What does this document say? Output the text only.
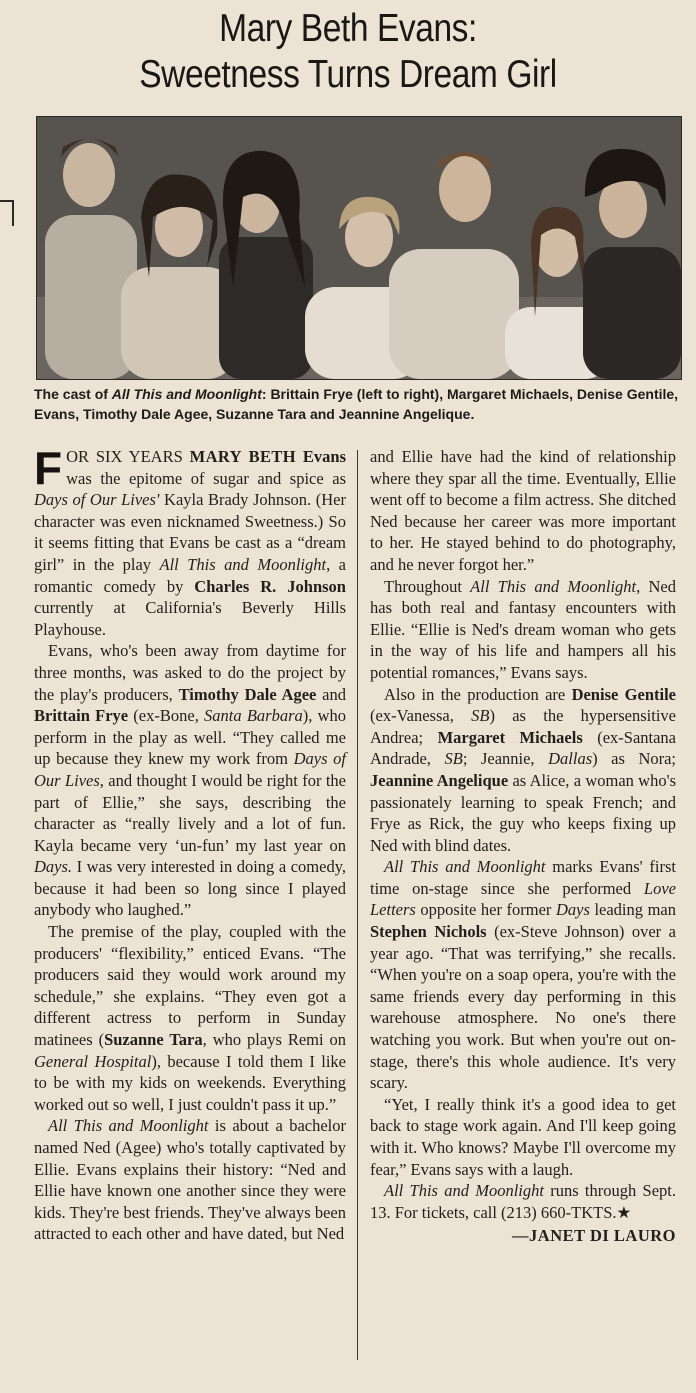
Mary Beth Evans:
Sweetness Turns Dream Girl
The cast of All This and Moonlight: Brittain Frye (left to right), Margaret Michaels, Denise Gentile, Evans, Timothy Dale Agee, Suzanne Tara and Jeannine Angelique.

FOR SIX YEARS MARY BETH Evans was the epitome of sugar and spice as Days of Our Lives' Kayla Brady Johnson. (Her character was even nicknamed Sweetness.) So it seems fitting that Evans be cast as a “dream girl” in the play All This and Moonlight, a romantic comedy by Charles R. Johnson currently at California's Beverly Hills Playhouse.

Evans, who's been away from daytime for three months, was asked to do the project by the play's producers, Timothy Dale Agee and Brittain Frye (ex-Bone, Santa Barbara), who perform in the play as well. “They called me up because they knew my work from Days of Our Lives, and thought I would be right for the part of Ellie,” she says, describing the character as “really lively and a lot of fun. Kayla became very ‘un-fun’ my last year on Days. I was very interested in doing a comedy, because it had been so long since I played anybody who laughed.”

The premise of the play, coupled with the producers' “flexibility,” enticed Evans. “The producers said they would work around my schedule,” she explains. “They even got a different actress to perform in Sunday matinees (Suzanne Tara, who plays Remi on General Hospital), because I told them I like to be with my kids on weekends. Everything worked out so well, I just couldn't pass it up.”

All This and Moonlight is about a bachelor named Ned (Agee) who's totally captivated by Ellie. Evans explains their history: “Ned and Ellie have known one another since they were kids. They're best friends. They've always been attracted to each other and have dated, but Ned

and Ellie have had the kind of relationship where they spar all the time. Eventually, Ellie went off to become a film actress. She ditched Ned because her career was more important to her. He stayed behind to do photography, and he never forgot her.”

Throughout All This and Moonlight, Ned has both real and fantasy encounters with Ellie. “Ellie is Ned's dream woman who gets in the way of his life and hampers all his potential romances,” Evans says.

Also in the production are Denise Gentile (ex-Vanessa, SB) as the hypersensitive Andrea; Margaret Michaels (ex-Santana Andrade, SB; Jeannie, Dallas) as Nora; Jeannine Angelique as Alice, a woman who's passionately learning to speak French; and Frye as Rick, the guy who keeps fixing up Ned with blind dates.

All This and Moonlight marks Evans' first time on-stage since she performed Love Letters opposite her former Days leading man Stephen Nichols (ex-Steve Johnson) over a year ago. “That was terrifying,” she recalls. “When you're on a soap opera, you're with the same friends every day performing in this warehouse atmosphere. No one's there watching you work. But when you're out on-stage, there's this whole audience. It's very scary.

“Yet, I really think it's a good idea to get back to stage work again. And I'll keep going with it. Who knows? Maybe I'll overcome my fear,” Evans says with a laugh.

All This and Moonlight runs through Sept. 13. For tickets, call (213) 660-TKTS.★

—JANET DI LAURO
